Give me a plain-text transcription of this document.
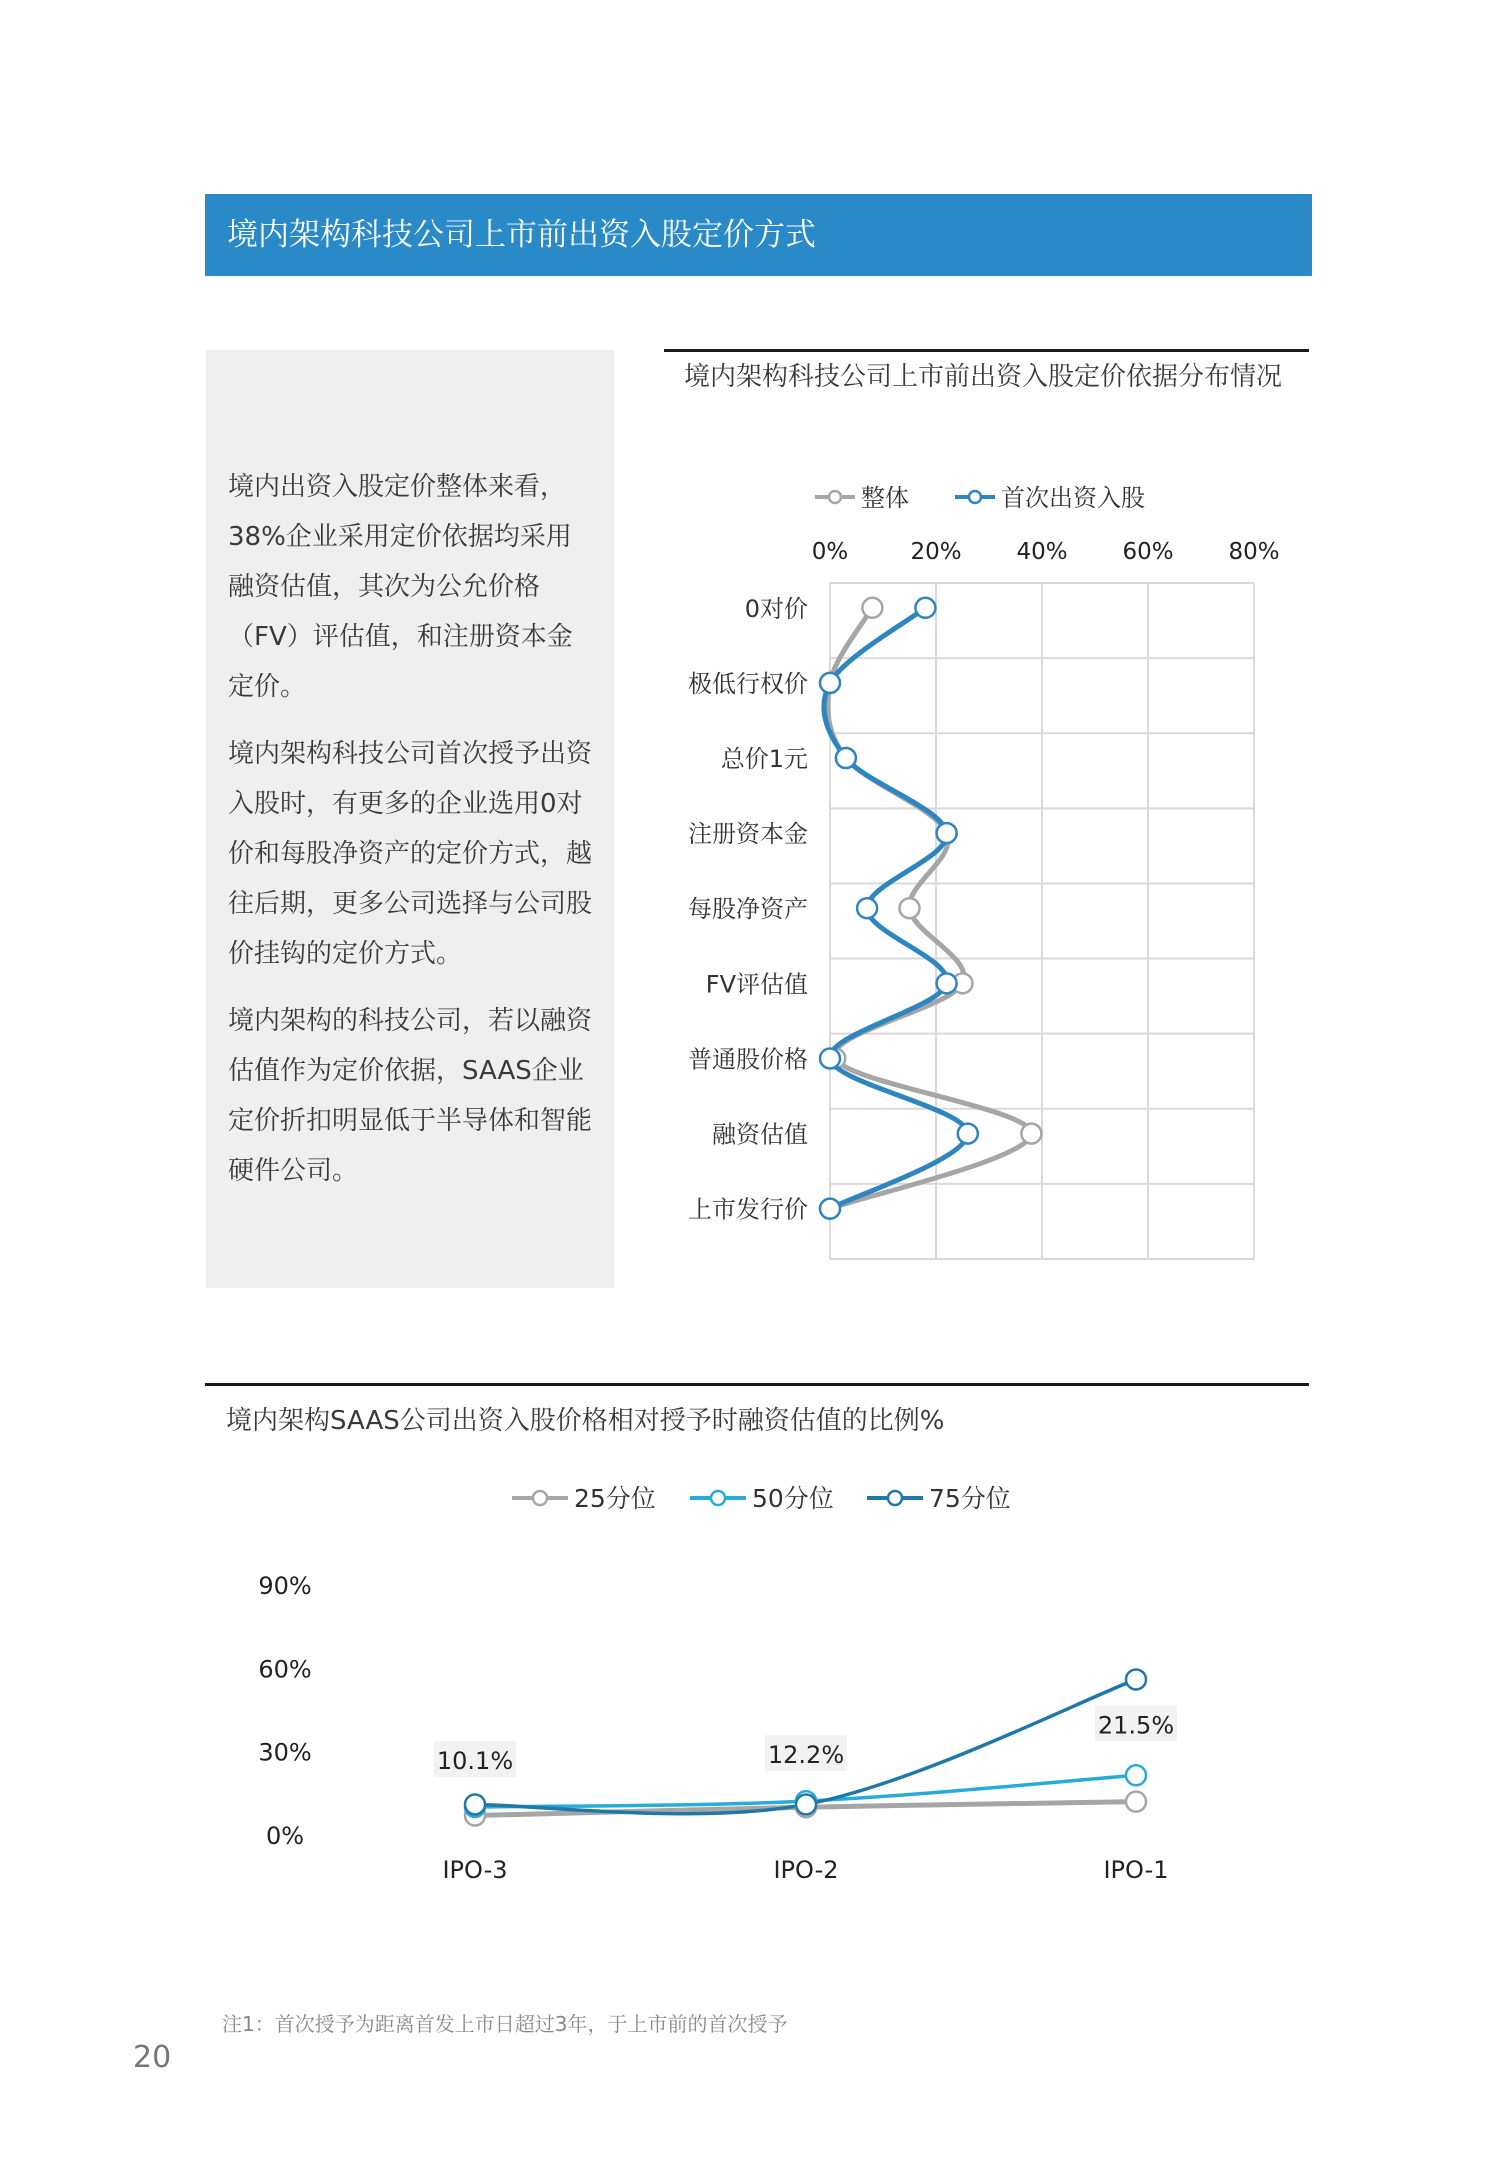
境内架构科技公司上市前出资入股定价方式

境内出资入股定价整体来看，38%企业采用定价依据均采用融资估值，其次为公允价格（FV）评估值，和注册资本金定价。

境内架构科技公司首次授予出资入股时，有更多的企业选用0对价和每股净资产的定价方式，越往后期，更多公司选择与公司股价挂钩的定价方式。

境内架构的科技公司，若以融资估值作为定价依据，SAAS企业定价折扣明显低于半导体和智能硬件公司。

境内架构科技公司上市前出资入股定价依据分布情况
整体	首次出资入股
0%	20% 40% 60% 80%
0对价
极低行权价
总价1元
注册资本金
每股净资产
FV评估值
普通股价格
融资估值
上市发行价
境内架构SAAS公司出资入股价格相对授予时融资估值的比例%
25分位	50分位	75分位
90%
60%
30%
0%
IPO-3	IPO-2	IPO-1
10.1%	12.2%
21.5%
注1：首次授予为距离首发上市日超过3年，于上市前的首次授予
20
